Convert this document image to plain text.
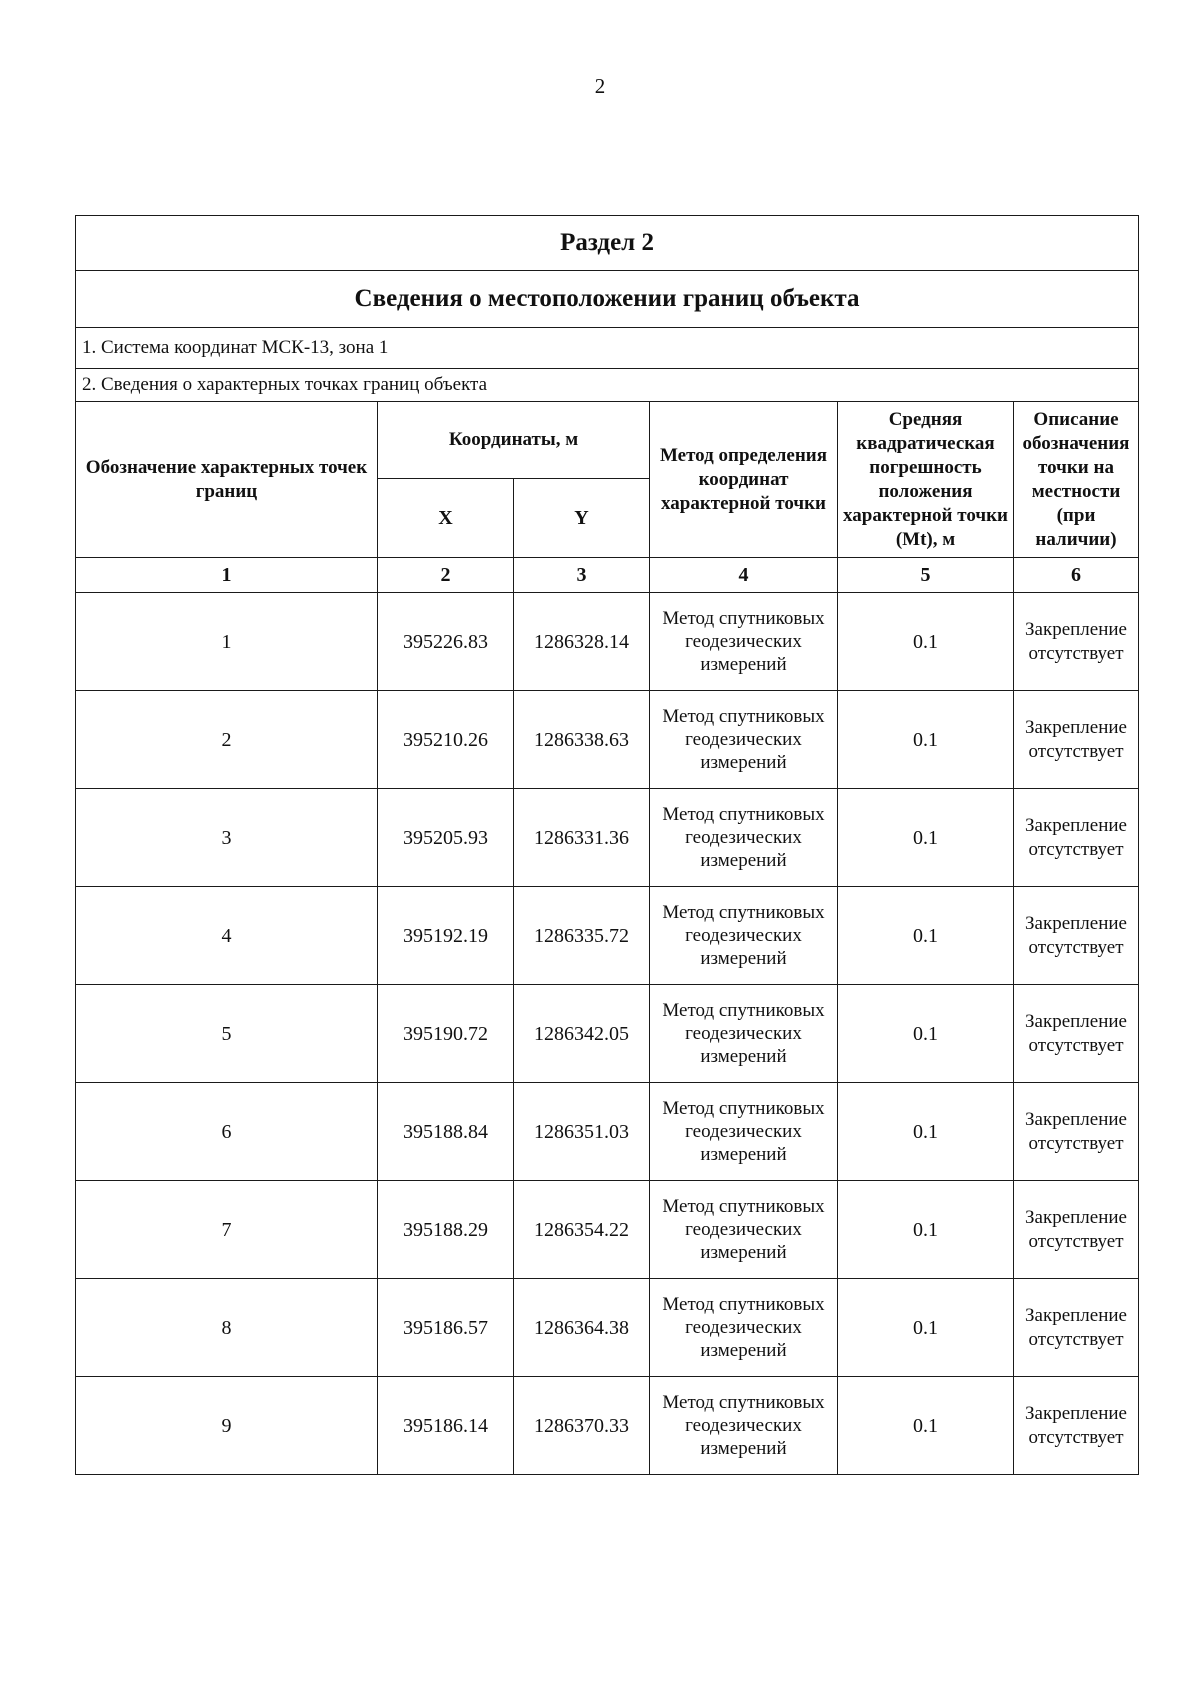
2
Раздел 2					
Сведения о местоположении границ объекта					
1. Система координат МСК-13, зона 1					
2. Сведения о характерных точках границ объекта					
Обозначение характерных точек границ	Координаты, м		Метод определения координат характерной точки	Средняя квадратическая погрешность положения характерной точки (Mt), м	Описание обозначения точки на местности (при наличии)
	X	Y			
1	2	3	4	5	6
1	395226.83	1286328.14	Метод спутниковых геодезических измерений	0.1	Закрепление отсутствует
2	395210.26	1286338.63	Метод спутниковых геодезических измерений	0.1	Закрепление отсутствует
3	395205.93	1286331.36	Метод спутниковых геодезических измерений	0.1	Закрепление отсутствует
4	395192.19	1286335.72	Метод спутниковых геодезических измерений	0.1	Закрепление отсутствует
5	395190.72	1286342.05	Метод спутниковых геодезических измерений	0.1	Закрепление отсутствует
6	395188.84	1286351.03	Метод спутниковых геодезических измерений	0.1	Закрепление отсутствует
7	395188.29	1286354.22	Метод спутниковых геодезических измерений	0.1	Закрепление отсутствует
8	395186.57	1286364.38	Метод спутниковых геодезических измерений	0.1	Закрепление отсутствует
9	395186.14	1286370.33	Метод спутниковых геодезических измерений	0.1	Закрепление отсутствует
